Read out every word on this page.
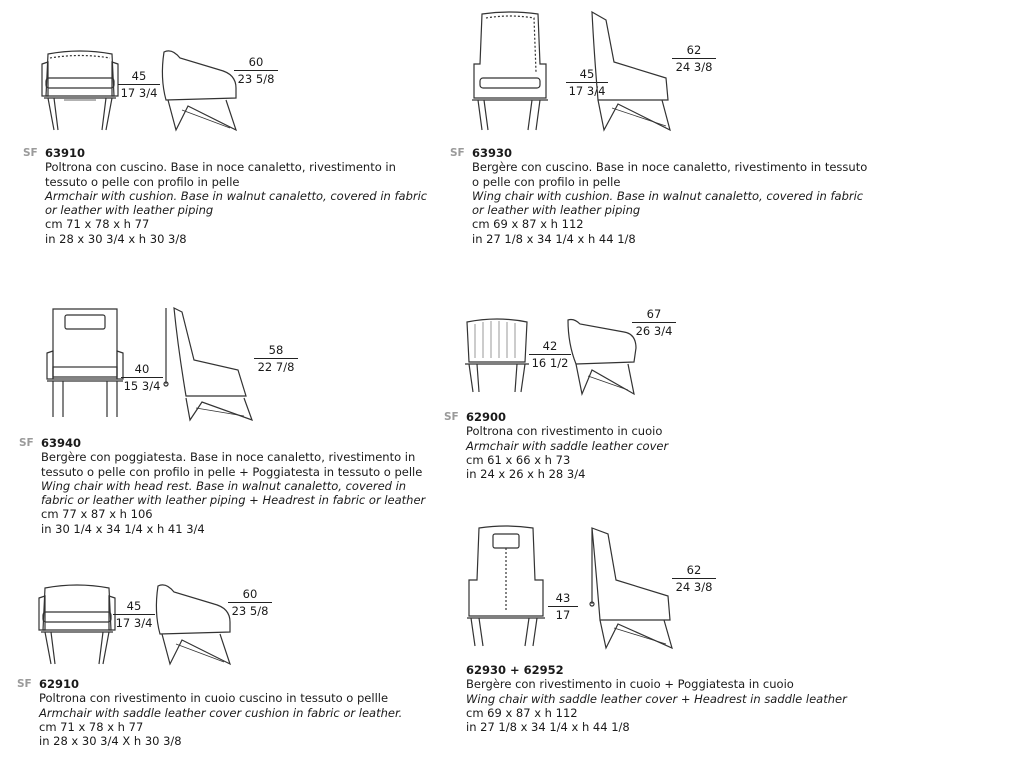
45
17 3/4
60
23 5/8
SF 63910
Poltrona con cuscino. Base in noce canaletto, rivestimento in
tessuto o pelle con profilo in pelle
Armchair with cushion. Base in walnut canaletto, covered in fabric
or leather with leather piping
cm 71 x 78 x h 77
in 28 x 30 3/4 x h 30 3/8
45
17 3/4
62
24 3/8
SF 63930
Bergère con cuscino. Base in noce canaletto, rivestimento in tessuto
o pelle con profilo in pelle
Wing chair with cushion. Base in walnut canaletto, covered in fabric
or leather with leather piping
cm 69 x 87 x h 112
in 27 1/8 x 34 1/4 x h 44 1/8
40
15 3/4
58
22 7/8
SF 63940
Bergère con poggiatesta. Base in noce canaletto, rivestimento in
tessuto o pelle con profilo in pelle + Poggiatesta in tessuto o pelle
Wing chair with head rest. Base in walnut canaletto, covered in
fabric or leather with leather piping + Headrest in fabric or leather
cm 77 x 87 x h 106
in 30 1/4 x 34 1/4 x h 41 3/4
42
16 1/2
67
26 3/4
SF 62900
Poltrona con rivestimento in cuoio
Armchair with saddle leather cover
cm 61 x 66 x h 73
in 24 x 26 x h 28 3/4
45
17 3/4
60
23 5/8
SF 62910
Poltrona con rivestimento in cuoio cuscino in tessuto o pellle
Armchair with saddle leather cover cushion in fabric or leather.
cm 71 x 78 x h 77
in 28 x 30 3/4 X h 30 3/8
43
17
62
24 3/8
62930 + 62952
Bergère con rivestimento in cuoio + Poggiatesta in cuoio
Wing chair with saddle leather cover + Headrest in saddle leather
cm 69 x 87 x h 112
in 27 1/8 x 34 1/4 x h 44 1/8
